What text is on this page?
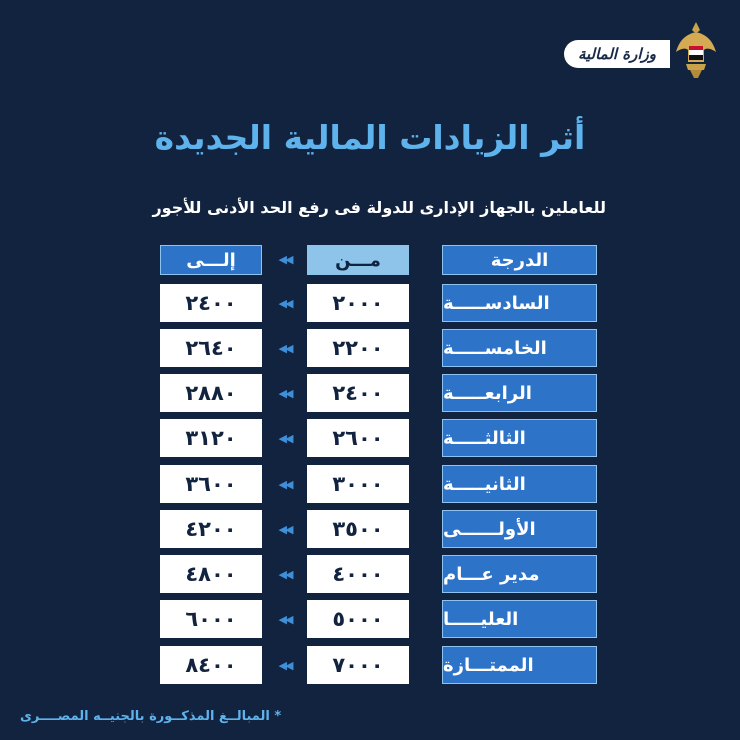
وزارة المالية
أثر الزيادات المالية الجديدة
للعاملين بالجهاز الإدارى للدولة فى رفع الحد الأدنى للأجور
الدرجة
مـــن
◀◀
إلـــى
السادســـــة
٢٠٠٠
◀◀
٢٤٠٠
الخامســـــة
٢٢٠٠
◀◀
٢٦٤٠
الرابعـــــة
٢٤٠٠
◀◀
٢٨٨٠
الثالثـــــة
٢٦٠٠
◀◀
٣١٢٠
الثانيـــــة
٣٠٠٠
◀◀
٣٦٠٠
الأولــــــى
٣٥٠٠
◀◀
٤٢٠٠
مدير عـــام
٤٠٠٠
◀◀
٤٨٠٠
العليـــــا
٥٠٠٠
◀◀
٦٠٠٠
الممتـــازة
٧٠٠٠
◀◀
٨٤٠٠
* المبالــغ المذكــورة بالجنيــه المصــــرى
